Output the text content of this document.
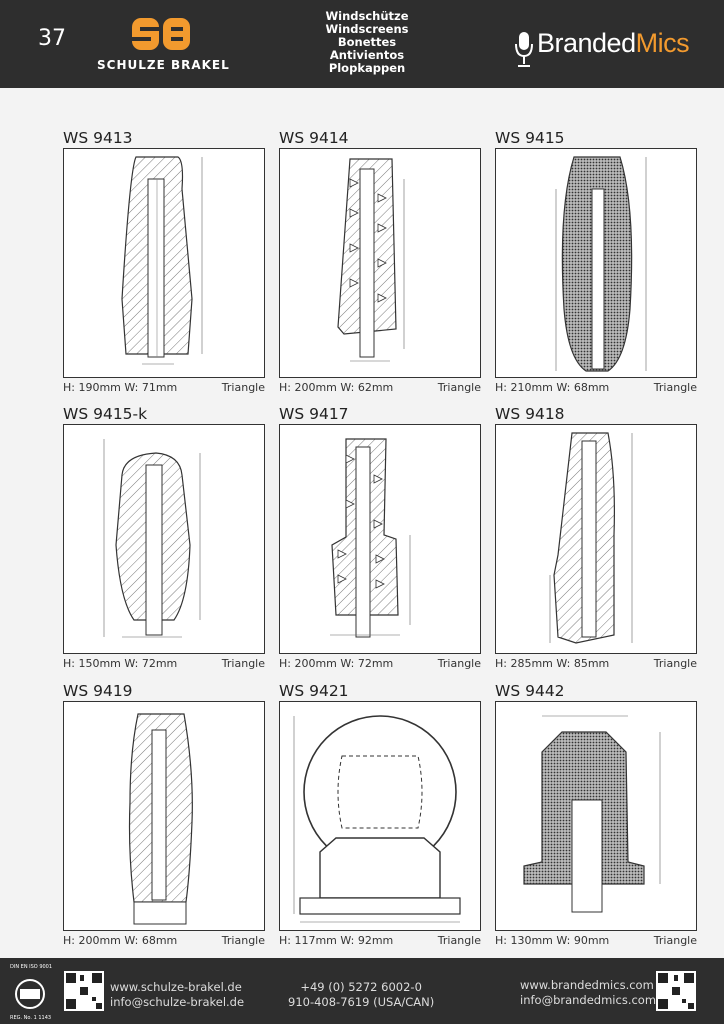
37
SCHULZE BRAKEL
Windschütze
Windscreens
Bonettes
Antivientos
Plopkappen
BrandedMics
WS 9413
H: 190mm W: 71mm	Triangle
WS 9414
H: 200mm W: 62mm	Triangle
WS 9415
H: 210mm W: 68mm	Triangle
WS 9415-k
H: 150mm W: 72mm	Triangle
WS 9417
H: 200mm W: 72mm	Triangle
WS 9418
H: 285mm W: 85mm	Triangle
WS 9419
H: 200mm W: 68mm	Triangle
WS 9421
H: 117mm W: 92mm	Triangle
WS 9442
H: 130mm W: 90mm	Triangle
DIN EN ISO 9001
REG. No. 1 1143
www.schulze-brakel.de
info@schulze-brakel.de
+49 (0) 5272 6002-0
910-408-7619 (USA/CAN)
www.brandedmics.com
info@brandedmics.com
